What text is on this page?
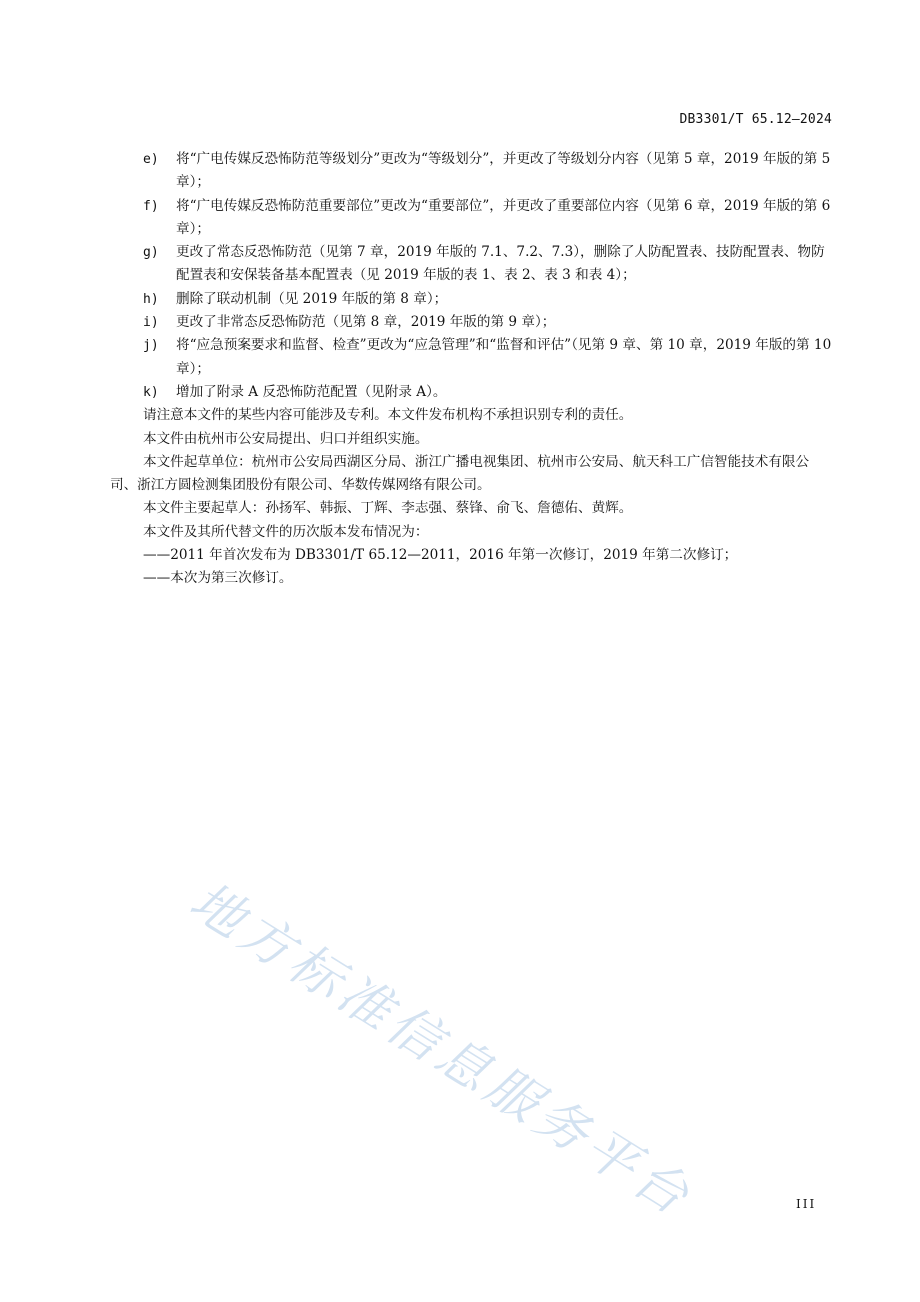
DB3301/T 65.12—2024
e) 将“广电传媒反恐怖防范等级划分”更改为“等级划分”，并更改了等级划分内容（见第 5 章，2019 年版的第 5 章）；
f) 将“广电传媒反恐怖防范重要部位”更改为“重要部位”，并更改了重要部位内容（见第 6 章，2019 年版的第 6 章）；
g) 更改了常态反恐怖防范（见第 7 章，2019 年版的 7.1、7.2、7.3），删除了人防配置表、技防配置表、物防配置表和安保装备基本配置表（见 2019 年版的表 1、表 2、表 3 和表 4）；
h) 删除了联动机制（见 2019 年版的第 8 章）；
i) 更改了非常态反恐怖防范（见第 8 章，2019 年版的第 9 章）；
j) 将“应急预案要求和监督、检查”更改为“应急管理”和“监督和评估”（见第 9 章、第 10 章，2019 年版的第 10 章）；
k) 增加了附录 A 反恐怖防范配置（见附录 A）。
请注意本文件的某些内容可能涉及专利。本文件发布机构不承担识别专利的责任。
本文件由杭州市公安局提出、归口并组织实施。
本文件起草单位：杭州市公安局西湖区分局、浙江广播电视集团、杭州市公安局、航天科工广信智能技术有限公司、浙江方圆检测集团股份有限公司、华数传媒网络有限公司。
本文件主要起草人：孙扬军、韩振、丁辉、李志强、蔡锋、俞飞、詹德佑、黄辉。
本文件及其所代替文件的历次版本发布情况为：
——2011 年首次发布为 DB3301/T 65.12—2011，2016 年第一次修订，2019 年第二次修订；
——本次为第三次修订。
地方标准信息服务平台	III
